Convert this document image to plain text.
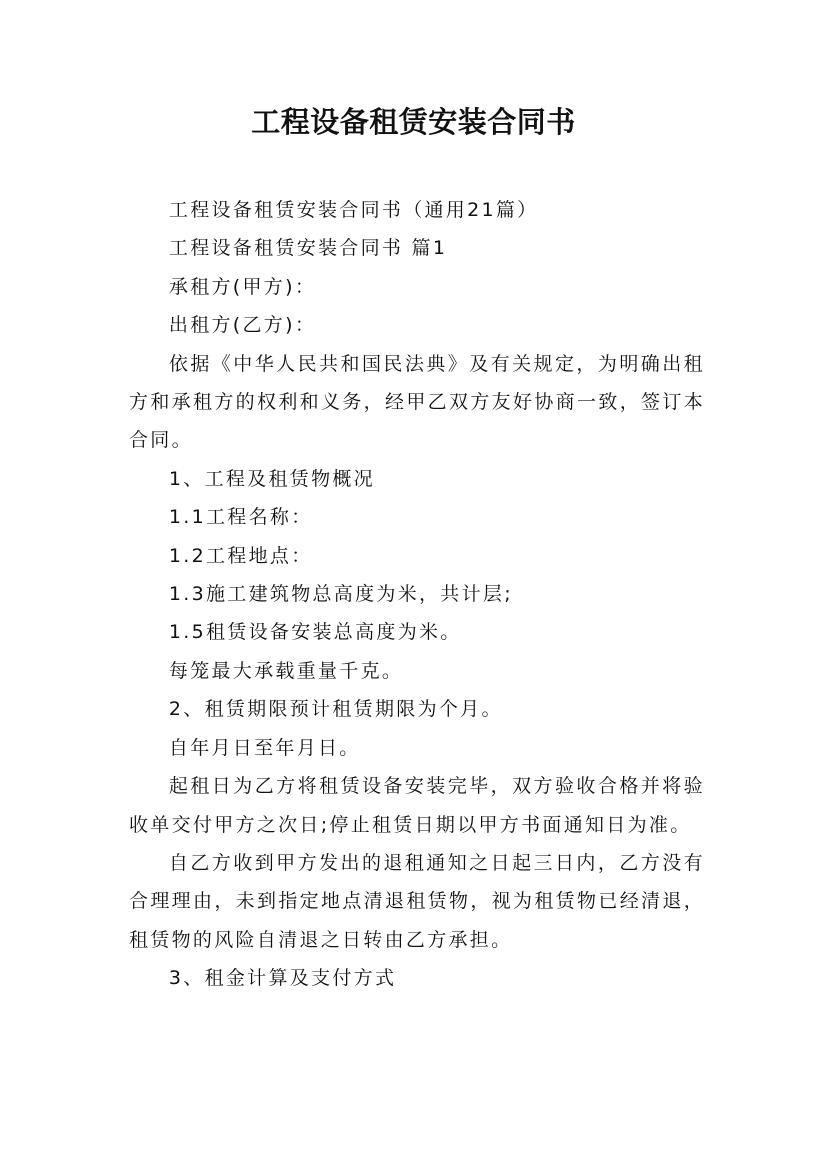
工程设备租赁安装合同书

工程设备租赁安装合同书（通用21篇）

工程设备租赁安装合同书 篇1

承租方(甲方)：

出租方(乙方)：

依据《中华人民共和国民法典》及有关规定，为明确出租方和承租方的权利和义务，经甲乙双方友好协商一致，签订本合同。

1、工程及租赁物概况

1.1工程名称：

1.2工程地点：

1.3施工建筑物总高度为米，共计层;

1.5租赁设备安装总高度为米。

每笼最大承载重量千克。

2、租赁期限预计租赁期限为个月。

自年月日至年月日。

起租日为乙方将租赁设备安装完毕，双方验收合格并将验收单交付甲方之次日;停止租赁日期以甲方书面通知日为准。

自乙方收到甲方发出的退租通知之日起三日内，乙方没有合理理由，未到指定地点清退租赁物，视为租赁物已经清退，租赁物的风险自清退之日转由乙方承担。

3、租金计算及支付方式
